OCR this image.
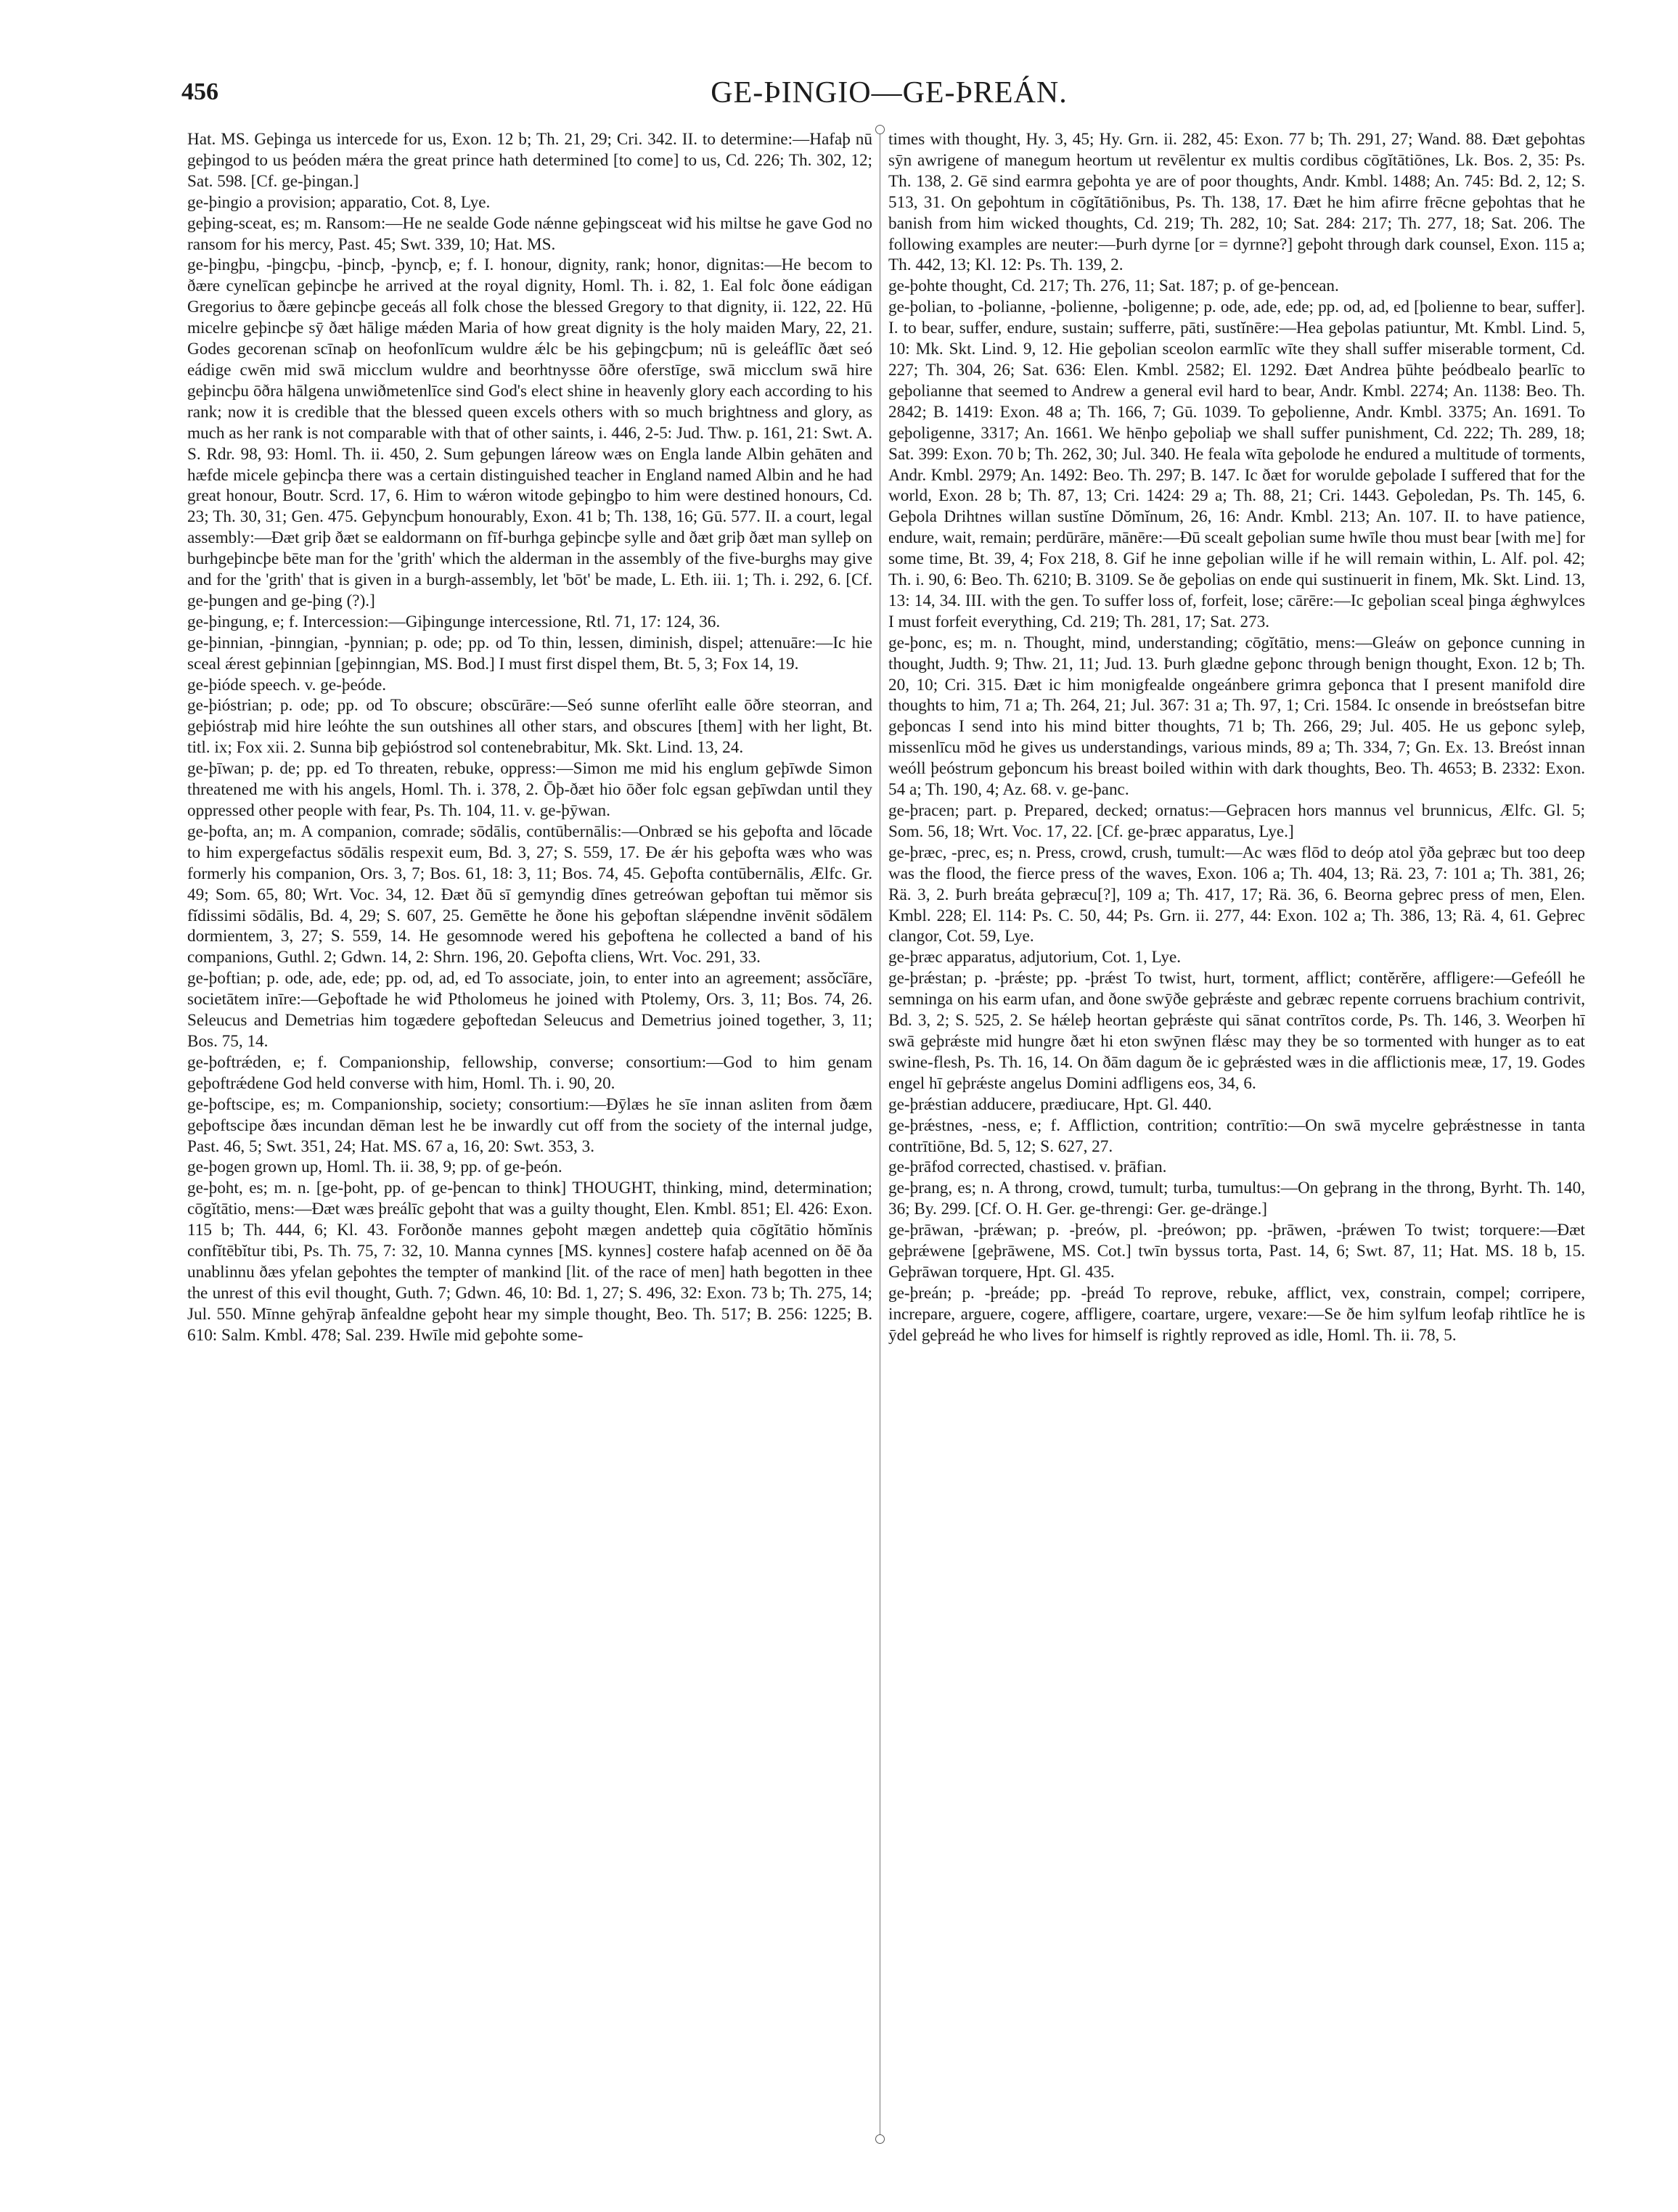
456	GE-ÞINGIO—GE-ÞREÁN.

Hat. MS. Geþinga us intercede for us, Exon. 12 b; Th. 21, 29; Cri. 342. II. to determine:—Hafaþ nū geþingod to us þeóden mǽra the great prince hath determined [to come] to us, Cd. 226; Th. 302, 12; Sat. 598. [Cf. ge-þingan.]

ge-þingio a provision; apparatio, Cot. 8, Lye.

geþing-sceat, es; m. Ransom:—He ne sealde Gode nǽnne geþingsceat wiđ his miltse he gave God no ransom for his mercy, Past. 45; Swt. 339, 10; Hat. MS.

ge-þingþu, -þingcþu, -þincþ, -þyncþ, e; f. I. honour, dignity, rank; honor, dignitas:—He becom to ðære cynelīcan geþincþe he arrived at the royal dignity, Homl. Th. i. 82, 1. Eal folc ðone eádigan Gregorius to ðære geþincþe geceás all folk chose the blessed Gregory to that dignity, ii. 122, 22. Hū micelre geþincþe sӯ ðæt hālige mǽden Maria of how great dignity is the holy maiden Mary, 22, 21. Godes gecorenan scīnaþ on heofonlīcum wuldre ǽlc be his geþingcþum; nū is geleáflīc ðæt seó eádige cwēn mid swā micclum wuldre and beorhtnysse ōðre oferstīge, swā micclum swā hire geþincþu ōðra hālgena unwiðmetenlīce sind God's elect shine in heavenly glory each according to his rank; now it is credible that the blessed queen excels others with so much brightness and glory, as much as her rank is not comparable with that of other saints, i. 446, 2-5: Jud. Thw. p. 161, 21: Swt. A. S. Rdr. 98, 93: Homl. Th. ii. 450, 2. Sum geþungen láreow wæs on Engla lande Albin gehāten and hæfde micele geþincþa there was a certain distinguished teacher in England named Albin and he had great honour, Boutr. Scrd. 17, 6. Him to wǽron witode geþingþo to him were destined honours, Cd. 23; Th. 30, 31; Gen. 475. Geþyncþum honourably, Exon. 41 b; Th. 138, 16; Gū. 577. II. a court, legal assembly:—Ðæt griþ ðæt se ealdormann on fīf-burhga geþincþe sylle and ðæt griþ ðæt man sylleþ on burhgeþincþe bēte man for the 'grith' which the alderman in the assembly of the five-burghs may give and for the 'grith' that is given in a burgh-assembly, let 'bōt' be made, L. Eth. iii. 1; Th. i. 292, 6. [Cf. ge-þungen and ge-þing (?).]

ge-þingung, e; f. Intercession:—Giþingunge intercessione, Rtl. 71, 17: 124, 36.

ge-þinnian, -þinngian, -þynnian; p. ode; pp. od To thin, lessen, diminish, dispel; attenuāre:—Ic hie sceal ǽrest geþinnian [geþinngian, MS. Bod.] I must first dispel them, Bt. 5, 3; Fox 14, 19.

ge-þióde speech. v. ge-þeóde.

ge-þióstrian; p. ode; pp. od To obscure; obscūrāre:—Seó sunne oferlīht ealle ōðre steorran, and geþióstraþ mid hire leóhte the sun outshines all other stars, and obscures [them] with her light, Bt. titl. ix; Fox xii. 2. Sunna biþ geþióstrod sol contenebrabitur, Mk. Skt. Lind. 13, 24.

ge-þīwan; p. de; pp. ed To threaten, rebuke, oppress:—Simon me mid his englum geþīwde Simon threatened me with his angels, Homl. Th. i. 378, 2. Ōþ-ðæt hio ōðer folc egsan geþīwdan until they oppressed other people with fear, Ps. Th. 104, 11. v. ge-þӯwan.

ge-þofta, an; m. A companion, comrade; sōdālis, contūbernālis:—Onbræd se his geþofta and lōcade to him expergefactus sōdālis respexit eum, Bd. 3, 27; S. 559, 17. Ðe ǽr his geþofta wæs who was formerly his companion, Ors. 3, 7; Bos. 61, 18: 3, 11; Bos. 74, 45. Geþofta contūbernālis, Ælfc. Gr. 49; Som. 65, 80; Wrt. Voc. 34, 12. Ðæt ðū sī gemyndig dīnes getreówan geþoftan tui mĕmor sis fĭdissimi sōdālis, Bd. 4, 29; S. 607, 25. Gemētte he ðone his geþoftan slǽpendne invēnit sōdālem dormientem, 3, 27; S. 559, 14. He gesomnode wered his geþoftena he collected a band of his companions, Guthl. 2; Gdwn. 14, 2: Shrn. 196, 20. Geþofta cliens, Wrt. Voc. 291, 33.

ge-þoftian; p. ode, ade, ede; pp. od, ad, ed To associate, join, to enter into an agreement; assŏcĭāre, societātem inīre:—Geþoftade he wiđ Ptholomeus he joined with Ptolemy, Ors. 3, 11; Bos. 74, 26. Seleucus and Demetrias him togædere geþoftedan Seleucus and Demetrius joined together, 3, 11; Bos. 75, 14.

ge-þoftrǽden, e; f. Companionship, fellowship, converse; consortium:—God to him genam geþoftrǽdene God held converse with him, Homl. Th. i. 90, 20.

ge-þoftscipe, es; m. Companionship, society; consortium:—Ðӯlæs he sīe innan asliten from ðæm geþoftscipe ðæs incundan dēman lest he be inwardly cut off from the society of the internal judge, Past. 46, 5; Swt. 351, 24; Hat. MS. 67 a, 16, 20: Swt. 353, 3.

ge-þogen grown up, Homl. Th. ii. 38, 9; pp. of ge-þeón.

ge-þoht, es; m. n. [ge-þoht, pp. of ge-þencan to think] THOUGHT, thinking, mind, determination; cōgĭtātio, mens:—Ðæt wæs þreálīc geþoht that was a guilty thought, Elen. Kmbl. 851; El. 426: Exon. 115 b; Th. 444, 6; Kl. 43. Forðonðe mannes geþoht mægen andetteþ quia cōgĭtātio hŏmĭnis confĭtēbĭtur tibi, Ps. Th. 75, 7: 32, 10. Manna cynnes [MS. kynnes] costere hafaþ acenned on ðē ða unablinnu ðæs yfelan geþohtes the tempter of mankind [lit. of the race of men] hath begotten in thee the unrest of this evil thought, Guth. 7; Gdwn. 46, 10: Bd. 1, 27; S. 496, 32: Exon. 73 b; Th. 275, 14; Jul. 550. Mīnne gehӯraþ ānfealdne geþoht hear my simple thought, Beo. Th. 517; B. 256: 1225; B. 610: Salm. Kmbl. 478; Sal. 239. Hwīle mid geþohte some-

times with thought, Hy. 3, 45; Hy. Grn. ii. 282, 45: Exon. 77 b; Th. 291, 27; Wand. 88. Ðæt geþohtas sӯn awrigene of manegum heortum ut revēlentur ex multis cordibus cōgĭtātiōnes, Lk. Bos. 2, 35: Ps. Th. 138, 2. Gē sind earmra geþohta ye are of poor thoughts, Andr. Kmbl. 1488; An. 745: Bd. 2, 12; S. 513, 31. On geþohtum in cōgĭtātiōnibus, Ps. Th. 138, 17. Ðæt he him afirre frēcne geþohtas that he banish from him wicked thoughts, Cd. 219; Th. 282, 10; Sat. 284: 217; Th. 277, 18; Sat. 206. The following examples are neuter:—Þurh dyrne [or = dyrnne?] geþoht through dark counsel, Exon. 115 a; Th. 442, 13; Kl. 12: Ps. Th. 139, 2.

ge-þohte thought, Cd. 217; Th. 276, 11; Sat. 187; p. of ge-þencean.

ge-þolian, to -þolianne, -þolienne, -þoligenne; p. ode, ade, ede; pp. od, ad, ed [þolienne to bear, suffer]. I. to bear, suffer, endure, sustain; sufferre, pāti, sustĭnēre:—Hea geþolas patiuntur, Mt. Kmbl. Lind. 5, 10: Mk. Skt. Lind. 9, 12. Hie geþolian sceolon earmlīc wīte they shall suffer miserable torment, Cd. 227; Th. 304, 26; Sat. 636: Elen. Kmbl. 2582; El. 1292. Ðæt Andrea þūhte þeódbealo þearlīc to geþolianne that seemed to Andrew a general evil hard to bear, Andr. Kmbl. 2274; An. 1138: Beo. Th. 2842; B. 1419: Exon. 48 a; Th. 166, 7; Gū. 1039. To geþolienne, Andr. Kmbl. 3375; An. 1691. To geþoligenne, 3317; An. 1661. We hēnþo geþoliaþ we shall suffer punishment, Cd. 222; Th. 289, 18; Sat. 399: Exon. 70 b; Th. 262, 30; Jul. 340. He feala wīta geþolode he endured a multitude of torments, Andr. Kmbl. 2979; An. 1492: Beo. Th. 297; B. 147. Ic ðæt for worulde geþolade I suffered that for the world, Exon. 28 b; Th. 87, 13; Cri. 1424: 29 a; Th. 88, 21; Cri. 1443. Geþoledan, Ps. Th. 145, 6. Geþola Drihtnes willan sustĭne Dŏmĭnum, 26, 16: Andr. Kmbl. 213; An. 107. II. to have patience, endure, wait, remain; perdūrāre, mānēre:—Ðū scealt geþolian sume hwīle thou must bear [with me] for some time, Bt. 39, 4; Fox 218, 8. Gif he inne geþolian wille if he will remain within, L. Alf. pol. 42; Th. i. 90, 6: Beo. Th. 6210; B. 3109. Se ðe geþolias on ende qui sustinuerit in finem, Mk. Skt. Lind. 13, 13: 14, 34. III. with the gen. To suffer loss of, forfeit, lose; cārēre:—Ic geþolian sceal þinga ǽghwylces I must forfeit everything, Cd. 219; Th. 281, 17; Sat. 273.

ge-þonc, es; m. n. Thought, mind, understanding; cōgĭtātio, mens:—Gleáw on geþonce cunning in thought, Judth. 9; Thw. 21, 11; Jud. 13. Þurh glædne geþonc through benign thought, Exon. 12 b; Th. 20, 10; Cri. 315. Ðæt ic him monigfealde ongeánbere grimra geþonca that I present manifold dire thoughts to him, 71 a; Th. 264, 21; Jul. 367: 31 a; Th. 97, 1; Cri. 1584. Ic onsende in breóstsefan bitre geþoncas I send into his mind bitter thoughts, 71 b; Th. 266, 29; Jul. 405. He us geþonc syleþ, missenlīcu mōd he gives us understandings, various minds, 89 a; Th. 334, 7; Gn. Ex. 13. Breóst innan weóll þeóstrum geþoncum his breast boiled within with dark thoughts, Beo. Th. 4653; B. 2332: Exon. 54 a; Th. 190, 4; Az. 68. v. ge-þanc.

ge-þracen; part. p. Prepared, decked; ornatus:—Geþracen hors mannus vel brunnicus, Ælfc. Gl. 5; Som. 56, 18; Wrt. Voc. 17, 22. [Cf. ge-þræc apparatus, Lye.]

ge-þræc, -prec, es; n. Press, crowd, crush, tumult:—Ac wæs flōd to deóp atol ӯða geþræc but too deep was the flood, the fierce press of the waves, Exon. 106 a; Th. 404, 13; Rä. 23, 7: 101 a; Th. 381, 26; Rä. 3, 2. Þurh breáta geþræcu[?], 109 a; Th. 417, 17; Rä. 36, 6. Beorna geþrec press of men, Elen. Kmbl. 228; El. 114: Ps. C. 50, 44; Ps. Grn. ii. 277, 44: Exon. 102 a; Th. 386, 13; Rä. 4, 61. Geþrec clangor, Cot. 59, Lye.

ge-þræc apparatus, adjutorium, Cot. 1, Lye.

ge-þrǽstan; p. -þrǽste; pp. -þrǽst To twist, hurt, torment, afflict; contĕrĕre, affligere:—Gefeóll he semninga on his earm ufan, and ðone swӯðe geþrǽste and gebræc repente corruens brachium contrivit, Bd. 3, 2; S. 525, 2. Se hǽleþ heortan geþrǽste qui sānat contrītos corde, Ps. Th. 146, 3. Weorþen hī swā geþrǽste mid hungre ðæt hi eton swӯnen flǽsc may they be so tormented with hunger as to eat swine-flesh, Ps. Th. 16, 14. On ðām dagum ðe ic geþrǽsted wæs in die afflictionis meæ, 17, 19. Godes engel hī geþrǽste angelus Domini adfligens eos, 34, 6.

ge-þrǽstian adducere, prædiucare, Hpt. Gl. 440.

ge-þrǽstnes, -ness, e; f. Affliction, contrition; contrītio:—On swā mycelre geþrǽstnesse in tanta contrītiōne, Bd. 5, 12; S. 627, 27.

ge-þrāfod corrected, chastised. v. þrāfian.

ge-þrang, es; n. A throng, crowd, tumult; turba, tumultus:—On geþrang in the throng, Byrht. Th. 140, 36; By. 299. [Cf. O. H. Ger. ge-threngi: Ger. ge-dränge.]

ge-þrāwan, -þrǽwan; p. -þreów, pl. -þreówon; pp. -þrāwen, -þrǽwen To twist; torquere:—Ðæt geþrǽwene [geþrāwene, MS. Cot.] twīn byssus torta, Past. 14, 6; Swt. 87, 11; Hat. MS. 18 b, 15. Geþrāwan torquere, Hpt. Gl. 435.

ge-þreán; p. -þreáde; pp. -þreád To reprove, rebuke, afflict, vex, constrain, compel; corripere, increpare, arguere, cogere, affligere, coartare, urgere, vexare:—Se ðe him sylfum leofaþ rihtlīce he is ӯdel geþreád he who lives for himself is rightly reproved as idle, Homl. Th. ii. 78, 5.
